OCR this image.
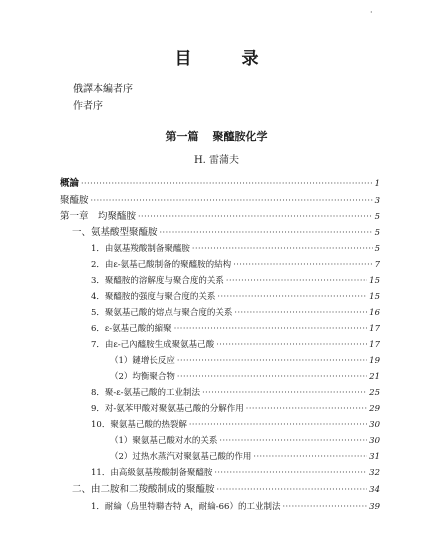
·
目 录
俄譯本編者序
作者序
第一篇 聚醯胺化学
H. 雷蒲夫
概論 ·····	1
聚醯胺 ·····	3
第一章　均聚醯胺 ·····	5
一、氨基酸型聚醯胺 ·····	5
1．由氨基羧酸制备聚醯胺 ·····	5
2．由ε-氨基己酸制备的聚醯胺的結构 ·····	7
3．聚醯胺的溶解度与聚合度的关系 ·····	15
4．聚醯胺的强度与聚合度的关系 ·····	15
5．聚氨基己酸的熔点与聚合度的关系 ·····	16
6．ε-氨基己酸的縮聚 ·····	17
7．由ε-己內醯胺生成聚氨基己酸 ·····	17
（1）鏈增长反应 ·····	19
（2）均衡聚合物 ·····	21
8．聚-ε-氨基己酸的工业制法 ·····	25
9．对-氨苯甲酸对聚氨基己酸的分解作用 ·····	29
10．聚氨基己酸的热裂解 ·····	30
（1）聚氨基己酸对水的关系 ·····	30
（2）过热水蒸汽对聚氨基己酸的作用 ·····	31
11．由高級氨基羧酸制备聚醯胺 ·····	32
二、由二胺和二羧酸制成的聚醯胺 ·····	34
1．耐綸（烏里特聯杏特 A，耐綸-66）的工业制法 ·····	39
